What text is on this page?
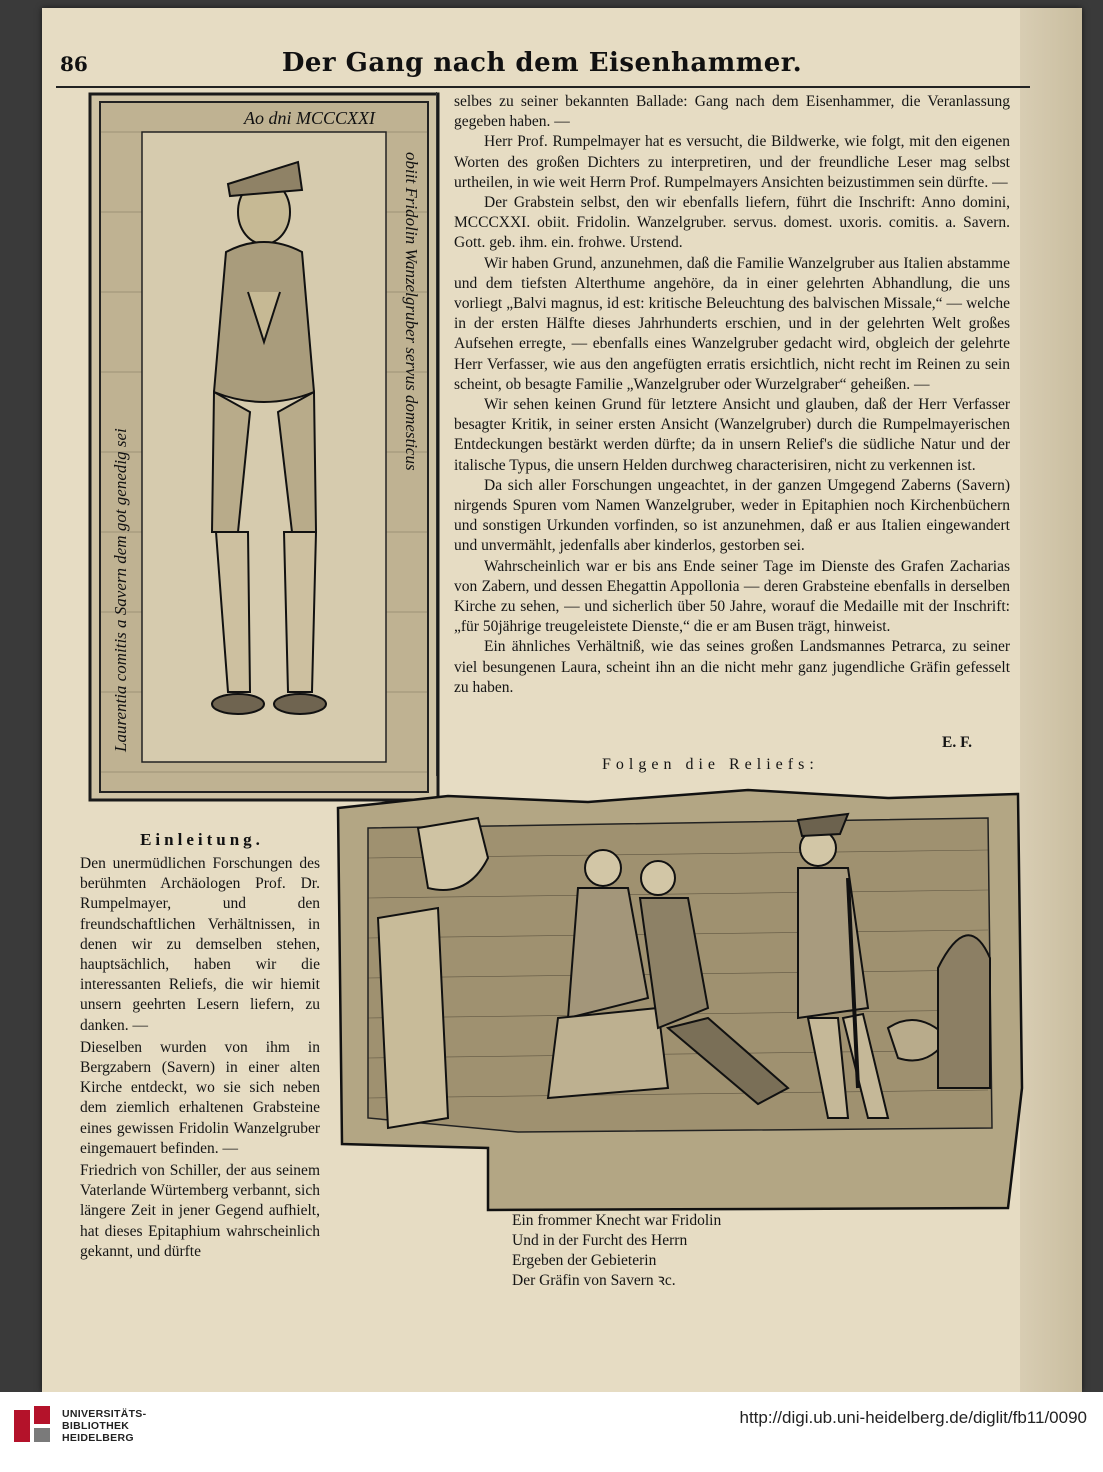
86	Der Gang nach dem Eisenhammer.
Ao dni MCCCXXI
Laurentia comitis a Savern dem got genedig sei
obiit Fridolin Wanzelgruber servus domesticus

selbes zu seiner bekannten Ballade: Gang nach dem Eisenhammer, die Veranlassung gegeben haben. —

Herr Prof. Rumpelmayer hat es versucht, die Bildwerke, wie folgt, mit den eigenen Worten des großen Dichters zu interpretiren, und der freundliche Leser mag selbst urtheilen, in wie weit Herrn Prof. Rumpelmayers Ansichten beizustimmen sein dürfte. —

Der Grabstein selbst, den wir ebenfalls liefern, führt die Inschrift: Anno domini, MCCCXXI. obiit. Fridolin. Wanzelgruber. servus. domest. uxoris. comitis. a. Savern. Gott. geb. ihm. ein. frohwe. Urstend.

Wir haben Grund, anzunehmen, daß die Familie Wanzelgruber aus Italien abstamme und dem tiefsten Alterthume angehöre, da in einer gelehrten Abhandlung, die uns vorliegt „Balvi magnus, id est: kritische Beleuchtung des balvischen Missale,“ — welche in der ersten Hälfte dieses Jahrhunderts erschien, und in der gelehrten Welt großes Aufsehen erregte, — ebenfalls eines Wanzelgruber gedacht wird, obgleich der gelehrte Herr Verfasser, wie aus den angefügten erratis ersichtlich, nicht recht im Reinen zu sein scheint, ob besagte Familie „Wanzelgruber oder Wurzelgraber“ geheißen. —

Wir sehen keinen Grund für letztere Ansicht und glauben, daß der Herr Verfasser besagter Kritik, in seiner ersten Ansicht (Wanzelgruber) durch die Rumpelmayerischen Entdeckungen bestärkt werden dürfte; da in unsern Relief's die südliche Natur und der italische Typus, die unsern Helden durchweg characterisiren, nicht zu verkennen ist.

Da sich aller Forschungen ungeachtet, in der ganzen Umgegend Zaberns (Savern) nirgends Spuren vom Namen Wanzelgruber, weder in Epitaphien noch Kirchenbüchern und sonstigen Urkunden vorfinden, so ist anzunehmen, daß er aus Italien eingewandert und unvermählt, jedenfalls aber kinderlos, gestorben sei.

Wahrscheinlich war er bis ans Ende seiner Tage im Dienste des Grafen Zacharias von Zabern, und dessen Ehegattin Appollonia — deren Grabsteine ebenfalls in derselben Kirche zu sehen, — und sicherlich über 50 Jahre, worauf die Medaille mit der Inschrift: „für 50jährige treugeleistete Dienste,“ die er am Busen trägt, hinweist.

Ein ähnliches Verhältniß, wie das seines großen Landsmannes Petrarca, zu seiner viel besungenen Laura, scheint ihn an die nicht mehr ganz jugendliche Gräfin gefesselt zu haben.

E. F.
Folgen die Reliefs:
Einleitung.

Den unermüdlichen Forschungen des berühmten Archäologen Prof. Dr. Rumpelmayer, und den freundschaftlichen Verhältnissen, in denen wir zu demselben stehen, hauptsächlich, haben wir die interessanten Reliefs, die wir hiemit unsern geehrten Lesern liefern, zu danken. —

Dieselben wurden von ihm in Bergzabern (Savern) in einer alten Kirche entdeckt, wo sie sich neben dem ziemlich erhaltenen Grabsteine eines gewissen Fridolin Wanzelgruber eingemauert befinden. —

Friedrich von Schiller, der aus seinem Vaterlande Würtemberg verbannt, sich längere Zeit in jener Gegend aufhielt, hat dieses Epitaphium wahrscheinlich gekannt, und dürfte

Ein frommer Knecht war Fridolin
Und in der Furcht des Herrn
Ergeben der Gebieterin
Der Gräfin von Savern ꝛc.
UNIVERSITÄTS-
BIBLIOTHEK
HEIDELBERG
http://digi.ub.uni-heidelberg.de/diglit/fb11/0090
